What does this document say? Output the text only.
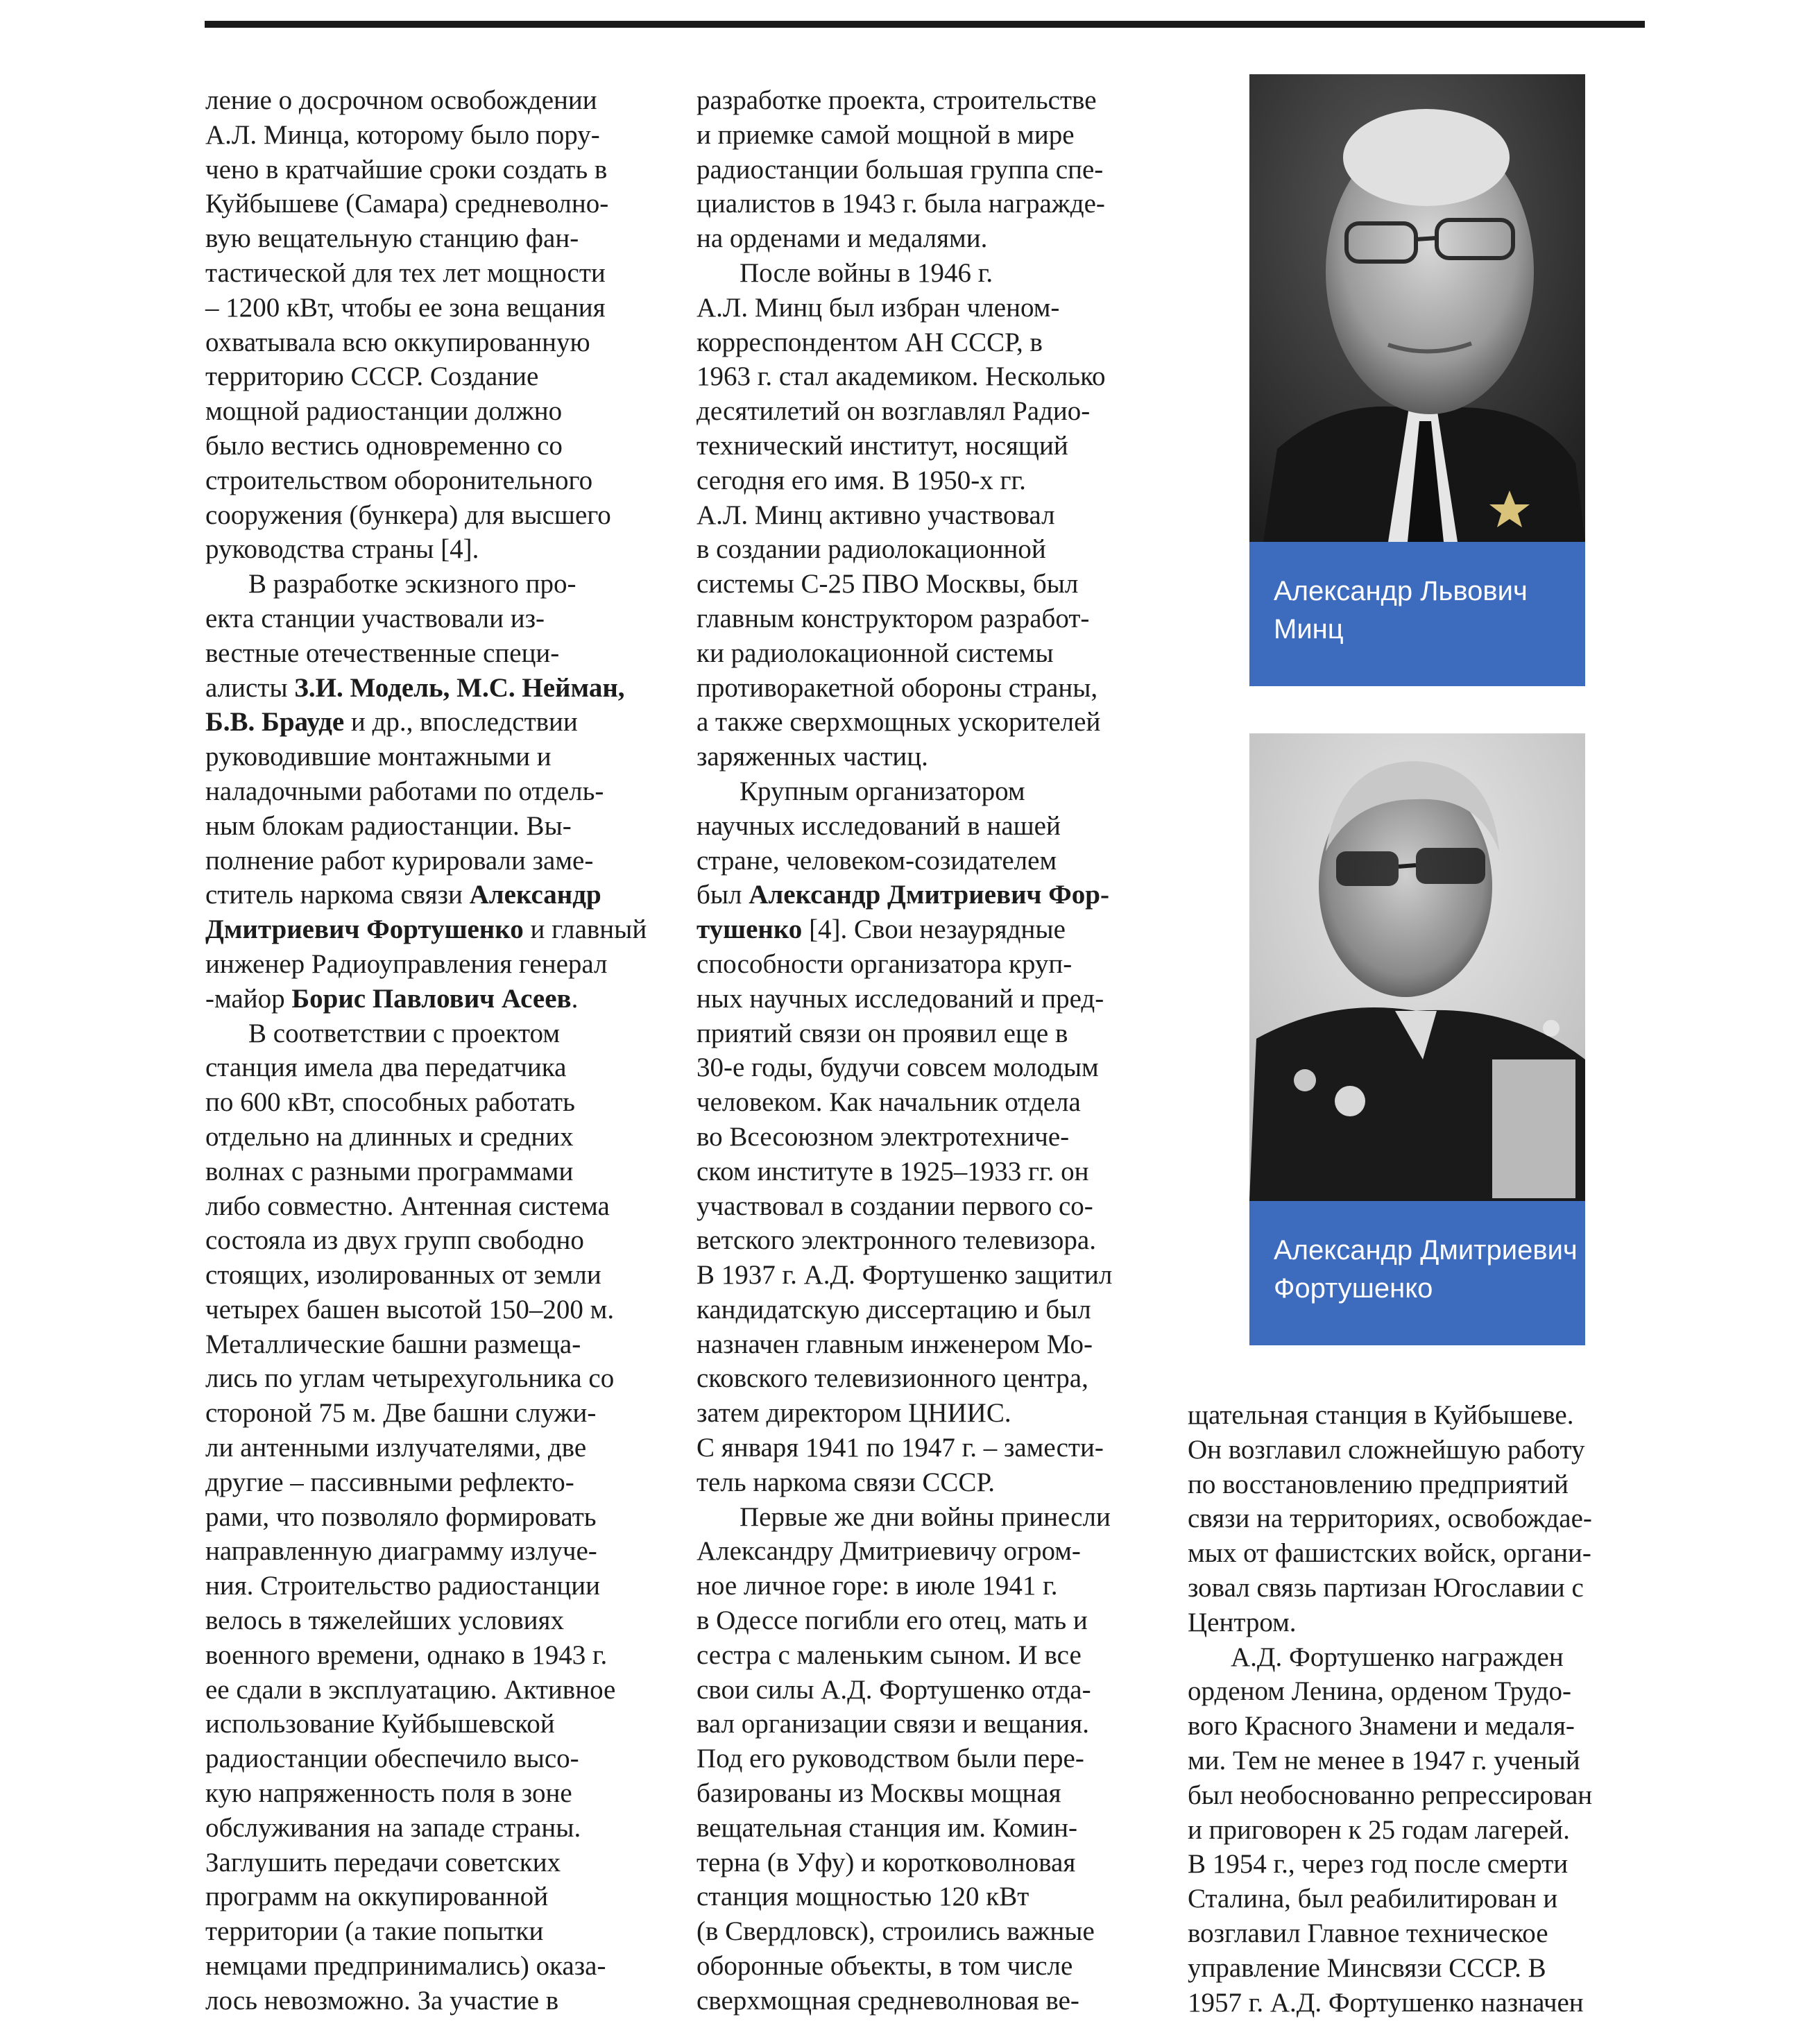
ление о досрочном освобождении
А.Л. Минца, которому было пору-
чено в кратчайшие сроки создать в
Куйбышеве (Самара) средневолно-
вую вещательную станцию фан-
тастической для тех лет мощности
– 1200 кВт, чтобы ее зона вещания
охватывала всю оккупированную
территорию СССР. Создание
мощной радиостанции должно
было вестись одновременно со
строительством оборонительного
сооружения (бункера) для высшего
руководства страны [4].
В разработке эскизного про-
екта станции участвовали из-
вестные отечественные специ-
алисты З.И. Модель, М.С. Нейман,
Б.В. Брауде и др., впоследствии
руководившие монтажными и
наладочными работами по отдель-
ным блокам радиостанции. Вы-
полнение работ курировали заме-
ститель наркома связи Александр
Дмитриевич Фортушенко и главный
инженер Радиоуправления генерал
-майор Борис Павлович Асеев.
В соответствии с проектом
станция имела два передатчика
по 600 кВт, способных работать
отдельно на длинных и средних
волнах с разными программами
либо совместно. Антенная система
состояла из двух групп свободно
стоящих, изолированных от земли
четырех башен высотой 150–200 м.
Металлические башни размеща-
лись по углам четырехугольника со
стороной 75 м. Две башни служи-
ли антенными излучателями, две
другие – пассивными рефлекто-
рами, что позволяло формировать
направленную диаграмму излуче-
ния. Строительство радиостанции
велось в тяжелейших условиях
военного времени, однако в 1943 г.
ее сдали в эксплуатацию. Активное
использование Куйбышевской
радиостанции обеспечило высо-
кую напряженность поля в зоне
обслуживания на западе страны.
Заглушить передачи советских
программ на оккупированной
территории (а такие попытки
немцами предпринимались) оказа-
лось невозможно. За участие в
разработке проекта, строительстве
и приемке самой мощной в мире
радиостанции большая группа спе-
циалистов в 1943 г. была награжде-
на орденами и медалями.
После войны в 1946 г.
А.Л. Минц был избран членом-
корреспондентом АН СССР, в
1963 г. стал академиком. Несколько
десятилетий он возглавлял Радио-
технический институт, носящий
сегодня его имя. В 1950-х гг.
А.Л. Минц активно участвовал
в создании радиолокационной
системы С-25 ПВО Москвы, был
главным конструктором разработ-
ки радиолокационной системы
противоракетной обороны страны,
а также сверхмощных ускорителей
заряженных частиц.
Крупным организатором
научных исследований в нашей
стране, человеком-созидателем
был Александр Дмитриевич Фор-
тушенко [4]. Свои незаурядные
способности организатора круп-
ных научных исследований и пред-
приятий связи он проявил еще в
30-е годы, будучи совсем молодым
человеком. Как начальник отдела
во Всесоюзном электротехниче-
ском институте в 1925–1933 гг. он
участвовал в создании первого со-
ветского электронного телевизора.
В 1937 г. А.Д. Фортушенко защитил
кандидатскую диссертацию и был
назначен главным инженером Мо-
сковского телевизионного центра,
затем директором ЦНИИС.
С января 1941 по 1947 г. – замести-
тель наркома связи СССР.
Первые же дни войны принесли
Александру Дмитриевичу огром-
ное личное горе: в июле 1941 г.
в Одессе погибли его отец, мать и
сестра с маленьким сыном. И все
свои силы А.Д. Фортушенко отда-
вал организации связи и вещания.
Под его руководством были пере-
базированы из Москвы мощная
вещательная станция им. Комин-
терна (в Уфу) и коротковолновая
станция мощностью 120 кВт
(в Свердловск), строились важные
оборонные объекты, в том числе
сверхмощная средневолновая ве-
Александр Львович
Минц
Александр Дмитриевич
Фортушенко
щательная станция в Куйбышеве.
Он возглавил сложнейшую работу
по восстановлению предприятий
связи на территориях, освобождае-
мых от фашистских войск, органи-
зовал связь партизан Югославии с
Центром.
А.Д. Фортушенко награжден
орденом Ленина, орденом Трудо-
вого Красного Знамени и медаля-
ми. Тем не менее в 1947 г. ученый
был необоснованно репрессирован
и приговорен к 25 годам лагерей.
В 1954 г., через год после смерти
Сталина, был реабилитирован и
возглавил Главное техническое
управление Минсвязи СССР. В
1957 г. А.Д. Фортушенко назначен
